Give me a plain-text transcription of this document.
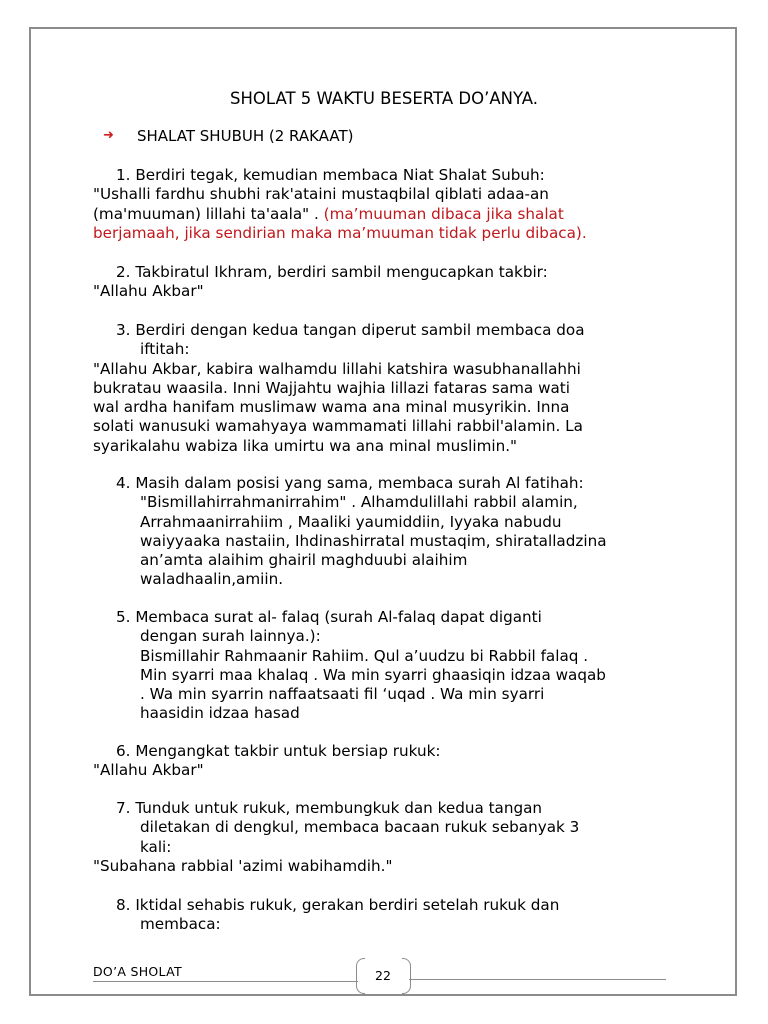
SHOLAT 5 WAKTU BESERTA DO’ANYA.
➜	SHALAT SHUBUH (2 RAKAAT)
1. Berdiri tegak, kemudian membaca Niat Shalat Subuh:
"Ushalli fardhu shubhi rak'ataini mustaqbilal qiblati adaa-an
(ma'muuman) lillahi ta'aala" . (ma’muuman dibaca jika shalat
berjamaah, jika sendirian maka ma’muuman tidak perlu dibaca).
2. Takbiratul Ikhram, berdiri sambil mengucapkan takbir:
"Allahu Akbar"
3. Berdiri dengan kedua tangan diperut sambil membaca doa
iftitah:
"Allahu Akbar, kabira walhamdu lillahi katshira wasubhanallahhi
bukratau waasila. Inni Wajjahtu wajhia lillazi fataras sama wati
wal ardha hanifam muslimaw wama ana minal musyrikin. Inna
solati wanusuki wamahyaya wammamati lillahi rabbil'alamin. La
syarikalahu wabiza lika umirtu wa ana minal muslimin."
4. Masih dalam posisi yang sama, membaca surah Al fatihah:
"Bismillahirrahmanirrahim" . Alhamdulillahi rabbil alamin,
Arrahmaanirrahiim , Maaliki yaumiddiin, Iyyaka nabudu
waiyyaaka nastaiin, Ihdinashirratal mustaqim, shiratalladzina
an’amta alaihim ghairil maghduubi alaihim
waladhaalin,amiin.
5. Membaca surat al- falaq (surah Al-falaq dapat diganti
dengan surah lainnya.):
Bismillahir Rahmaanir Rahiim. Qul a’uudzu bi Rabbil falaq .
Min syarri maa khalaq . Wa min syarri ghaasiqin idzaa waqab
. Wa min syarrin naffaatsaati fil ‘uqad . Wa min syarri
haasidin idzaa hasad
6. Mengangkat takbir untuk bersiap rukuk:
"Allahu Akbar"
7. Tunduk untuk rukuk, membungkuk dan kedua tangan
diletakan di dengkul, membaca bacaan rukuk sebanyak 3
kali:
"Subahana rabbial 'azimi wabihamdih."
8. Iktidal sehabis rukuk, gerakan berdiri setelah rukuk dan
membaca:
DO’A SHOLAT	22
